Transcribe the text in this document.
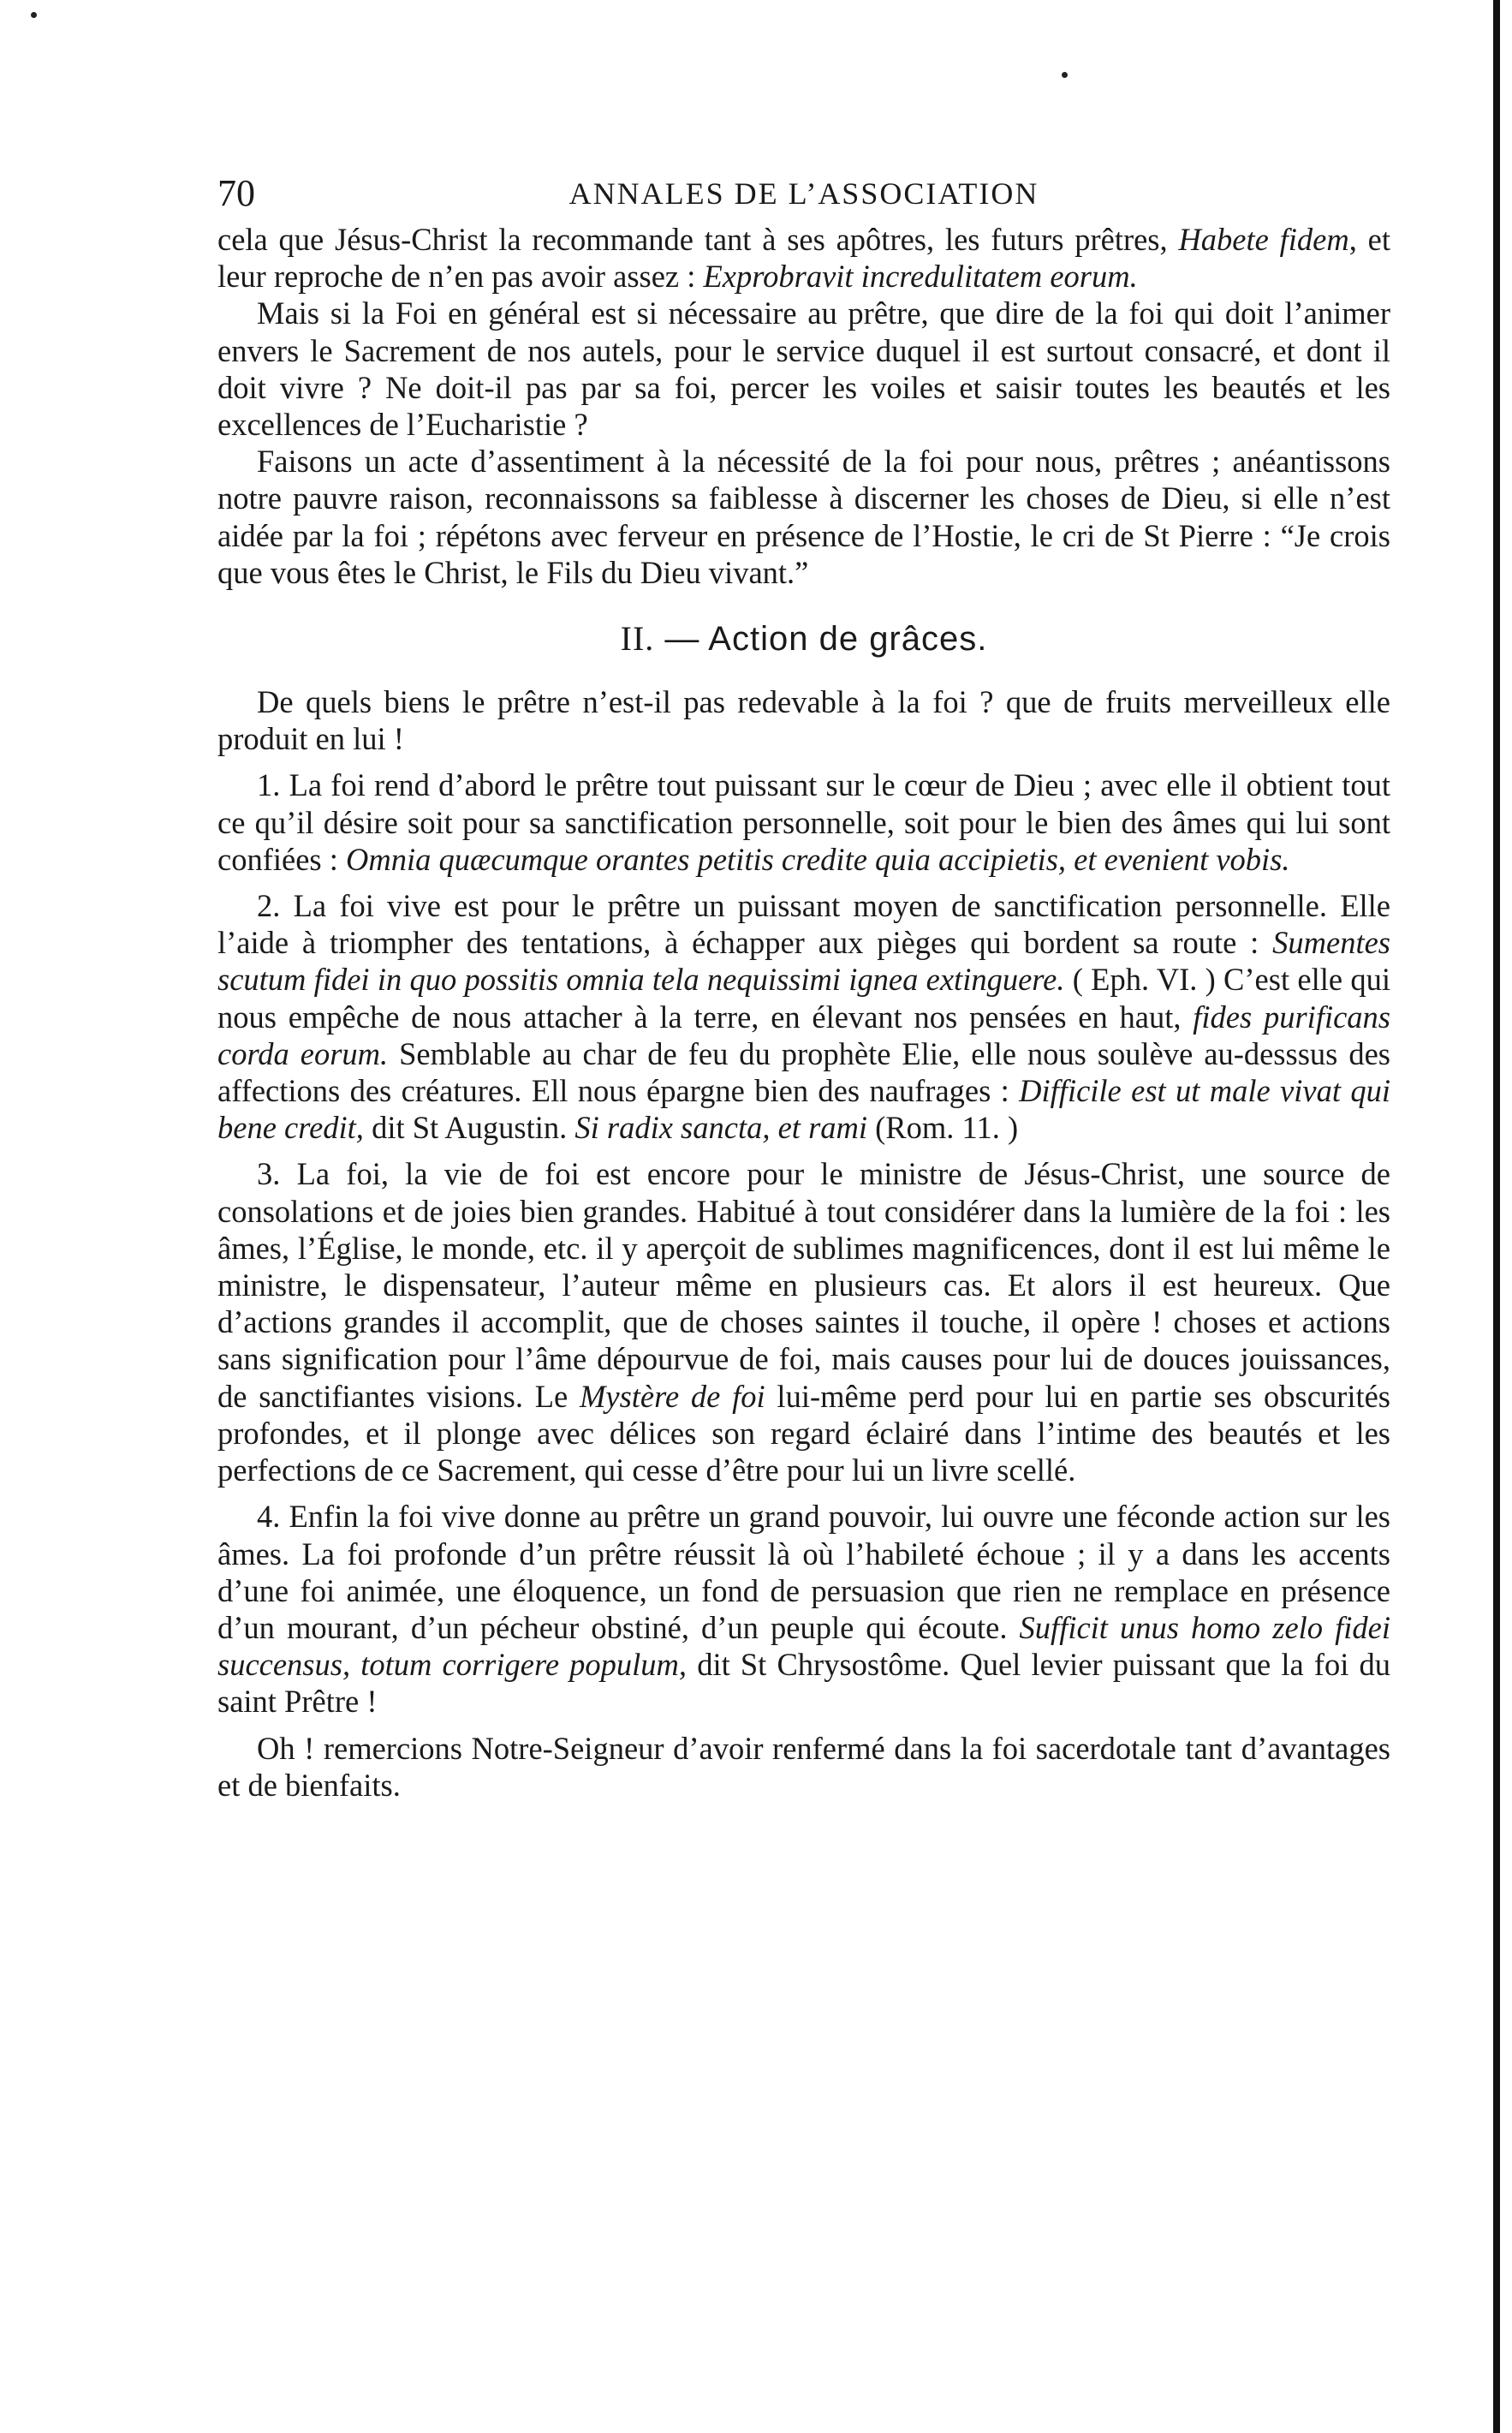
70	ANNALES DE L’ASSOCIATION

cela que Jésus-Christ la recommande tant à ses apôtres, les futurs prêtres, Habete fidem, et leur reproche de n’en pas avoir assez : Exprobravit incredulitatem eorum.

Mais si la Foi en général est si nécessaire au prêtre, que dire de la foi qui doit l’animer envers le Sacrement de nos autels, pour le service duquel il est surtout consacré, et dont il doit vivre ? Ne doit-il pas par sa foi, percer les voiles et saisir toutes les beautés et les excellences de l’Eucharistie ?

Faisons un acte d’assentiment à la nécessité de la foi pour nous, prêtres ; anéantissons notre pauvre raison, reconnaissons sa faiblesse à discerner les choses de Dieu, si elle n’est aidée par la foi ; répétons avec ferveur en présence de l’Hostie, le cri de St Pierre : “Je crois que vous êtes le Christ, le Fils du Dieu vivant.”

II. — Action de grâces.

De quels biens le prêtre n’est-il pas redevable à la foi ? que de fruits merveilleux elle produit en lui !

1. La foi rend d’abord le prêtre tout puissant sur le cœur de Dieu ; avec elle il obtient tout ce qu’il désire soit pour sa sanctification personnelle, soit pour le bien des âmes qui lui sont confiées : Omnia quæcumque orantes petitis credite quia accipietis, et evenient vobis.

2. La foi vive est pour le prêtre un puissant moyen de sanctification personnelle. Elle l’aide à triompher des tentations, à échapper aux pièges qui bordent sa route : Sumentes scutum fidei in quo possitis omnia tela nequissimi ignea extinguere. ( Eph. VI. ) C’est elle qui nous empêche de nous attacher à la terre, en élevant nos pensées en haut, fides purificans corda eorum. Semblable au char de feu du prophète Elie, elle nous soulève au-desssus des affections des créatures. Ell nous épargne bien des naufrages : Difficile est ut male vivat qui bene credit, dit St Augustin. Si radix sancta, et rami (Rom. 11. )

3. La foi, la vie de foi est encore pour le ministre de Jésus-Christ, une source de consolations et de joies bien grandes. Habitué à tout considérer dans la lumière de la foi : les âmes, l’Église, le monde, etc. il y aperçoit de sublimes magnificences, dont il est lui même le ministre, le dispensateur, l’auteur même en plusieurs cas. Et alors il est heureux. Que d’actions grandes il accomplit, que de choses saintes il touche, il opère ! choses et actions sans signification pour l’âme dépourvue de foi, mais causes pour lui de douces jouissances, de sanctifiantes visions. Le Mystère de foi lui-même perd pour lui en partie ses obscurités profondes, et il plonge avec délices son regard éclairé dans l’intime des beautés et les perfections de ce Sacrement, qui cesse d’être pour lui un livre scellé.

4. Enfin la foi vive donne au prêtre un grand pouvoir, lui ouvre une féconde action sur les âmes. La foi profonde d’un prêtre réussit là où l’habileté échoue ; il y a dans les accents d’une foi animée, une éloquence, un fond de persuasion que rien ne remplace en présence d’un mourant, d’un pécheur obstiné, d’un peuple qui écoute. Sufficit unus homo zelo fidei succensus, totum corrigere populum, dit St Chrysostôme. Quel levier puissant que la foi du saint Prêtre !

Oh ! remercions Notre-Seigneur d’avoir renfermé dans la foi sacerdotale tant d’avantages et de bienfaits.
